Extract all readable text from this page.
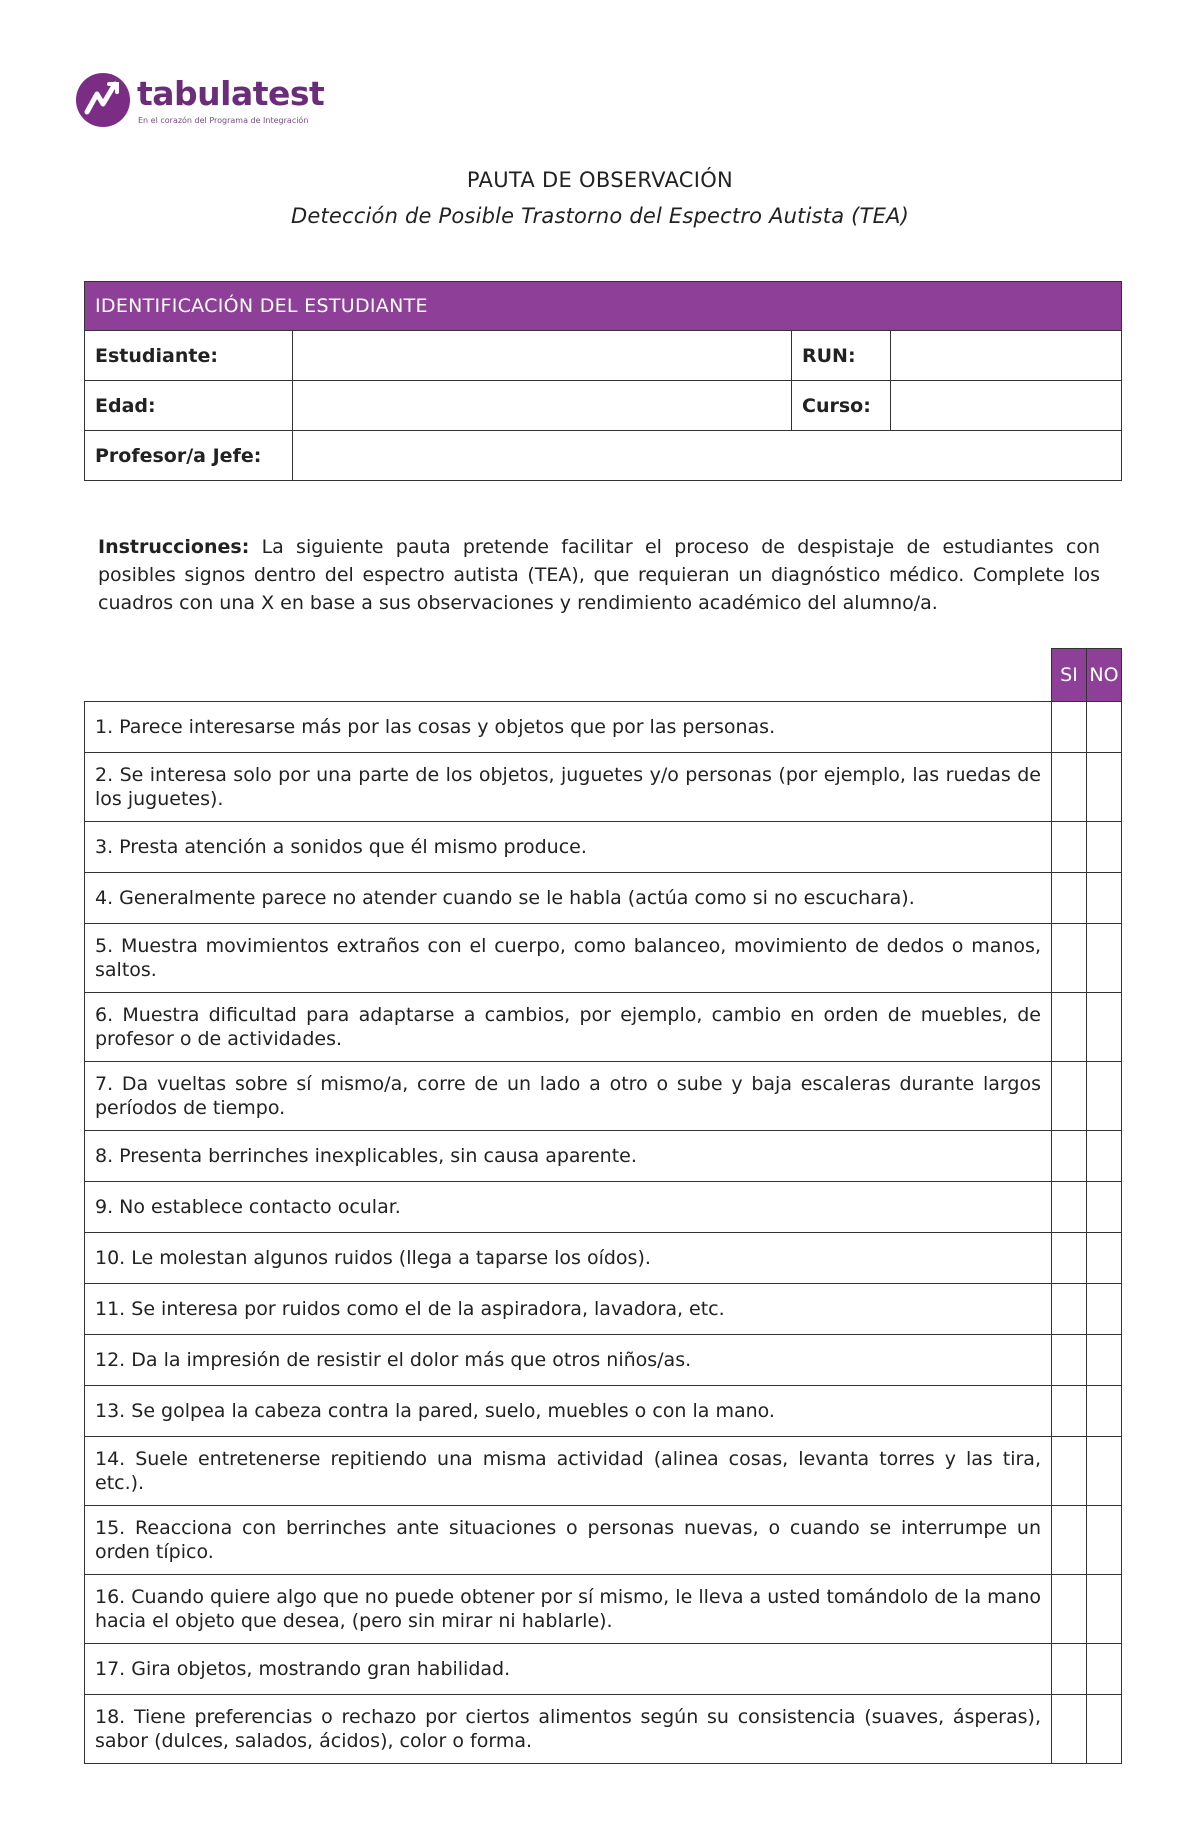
tabulatest
En el corazón del Programa de Integración
PAUTA DE OBSERVACIÓN
Detección de Posible Trastorno del Espectro Autista (TEA)
IDENTIFICACIÓN DEL ESTUDIANTE			
Estudiante:		RUN:	
Edad:		Curso:	
Profesor/a Jefe:			
Instrucciones: La siguiente pauta pretende facilitar el proceso de despistaje de estudiantes con posibles signos dentro del espectro autista (TEA), que requieran un diagnóstico médico. Complete los cuadros con una X en base a sus observaciones y rendimiento académico del alumno/a.
	SI	NO
1. Parece interesarse más por las cosas y objetos que por las personas.		
2. Se interesa solo por una parte de los objetos, juguetes y/o personas (por ejemplo, las ruedas de los juguetes).		
3. Presta atención a sonidos que él mismo produce.		
4. Generalmente parece no atender cuando se le habla (actúa como si no escuchara).		
5. Muestra movimientos extraños con el cuerpo, como balanceo, movimiento de dedos o manos, saltos.		
6. Muestra dificultad para adaptarse a cambios, por ejemplo, cambio en orden de muebles, de profesor o de actividades.		
7. Da vueltas sobre sí mismo/a, corre de un lado a otro o sube y baja escaleras durante largos períodos de tiempo.		
8. Presenta berrinches inexplicables, sin causa aparente.		
9. No establece contacto ocular.		
10. Le molestan algunos ruidos (llega a taparse los oídos).		
11. Se interesa por ruidos como el de la aspiradora, lavadora, etc.		
12. Da la impresión de resistir el dolor más que otros niños/as.		
13. Se golpea la cabeza contra la pared, suelo, muebles o con la mano.		
14. Suele entretenerse repitiendo una misma actividad (alinea cosas, levanta torres y las tira, etc.).		
15. Reacciona con berrinches ante situaciones o personas nuevas, o cuando se interrumpe un orden típico.		
16. Cuando quiere algo que no puede obtener por sí mismo, le lleva a usted tomándolo de la mano hacia el objeto que desea, (pero sin mirar ni hablarle).		
17. Gira objetos, mostrando gran habilidad.		
18. Tiene preferencias o rechazo por ciertos alimentos según su consistencia (suaves, ásperas), sabor (dulces, salados, ácidos), color o forma.		
